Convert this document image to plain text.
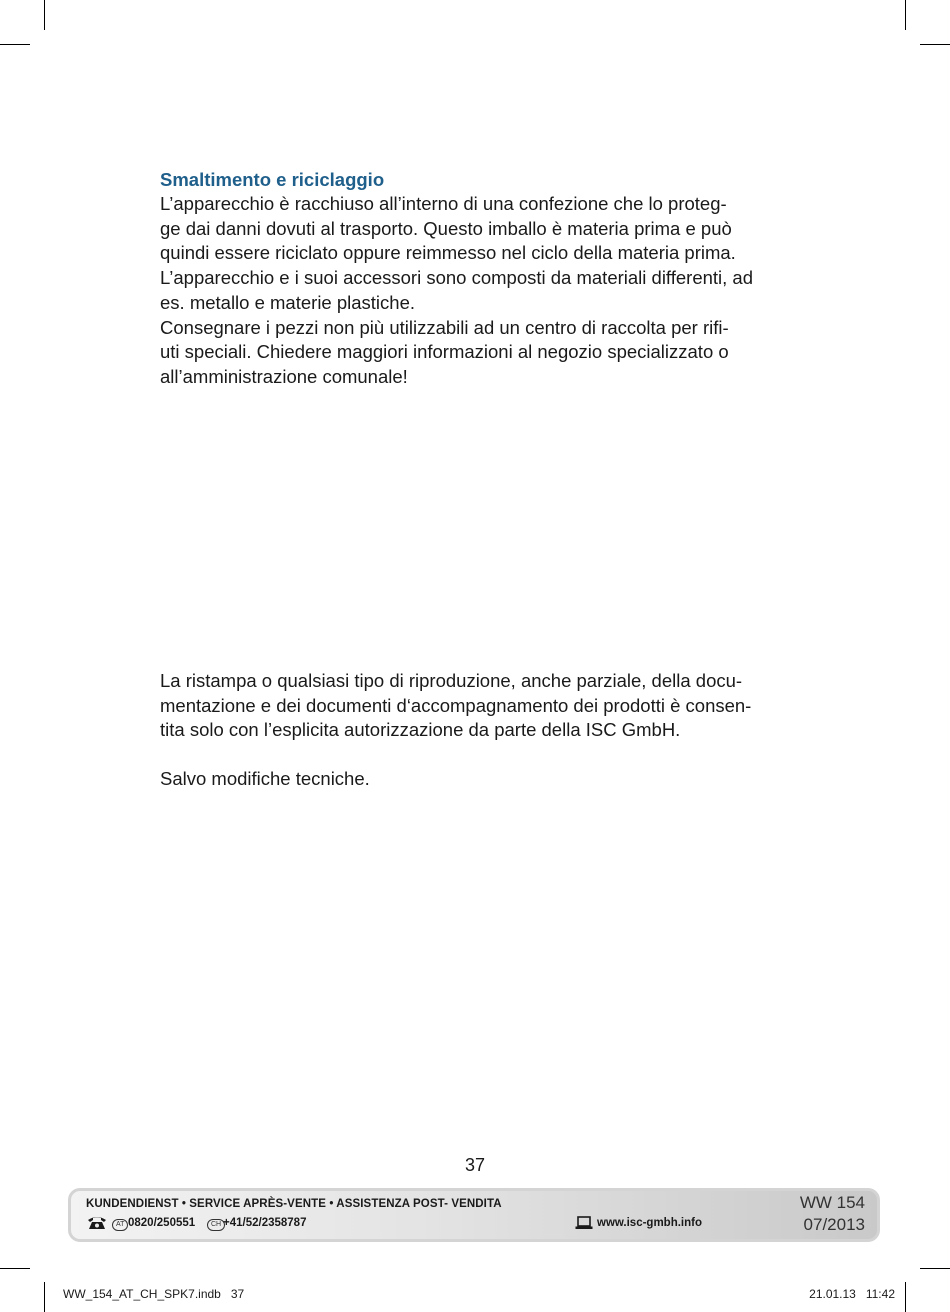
Smaltimento e riciclaggio
L’apparecchio è racchiuso all’interno di una confezione che lo proteg-
ge dai danni dovuti al trasporto. Questo imballo è materia prima e può
quindi essere riciclato oppure reimmesso nel ciclo della materia prima.
L’apparecchio e i suoi accessori sono composti da materiali differenti, ad
es. metallo e materie plastiche.
Consegnare i pezzi non più utilizzabili ad un centro di raccolta per rifi-
uti speciali. Chiedere maggiori informazioni al negozio specializzato o
all’amministrazione comunale!
La ristampa o qualsiasi tipo di riproduzione, anche parziale, della docu-
mentazione e dei documenti d‘accompagnamento dei prodotti è consen-
tita solo con l’esplicita autorizzazione da parte della ISC GmbH.
Salvo modifiche tecniche.
37
KUNDENDIENST • SERVICE APRÈS-VENTE • ASSISTENZA POST- VENDITA
AT 0820/250551	CH +41/52/2358787	www.isc-gmbh.info
WW 154
07/2013
WW_154_AT_CH_SPK7.indb   37	21.01.13   11:42
